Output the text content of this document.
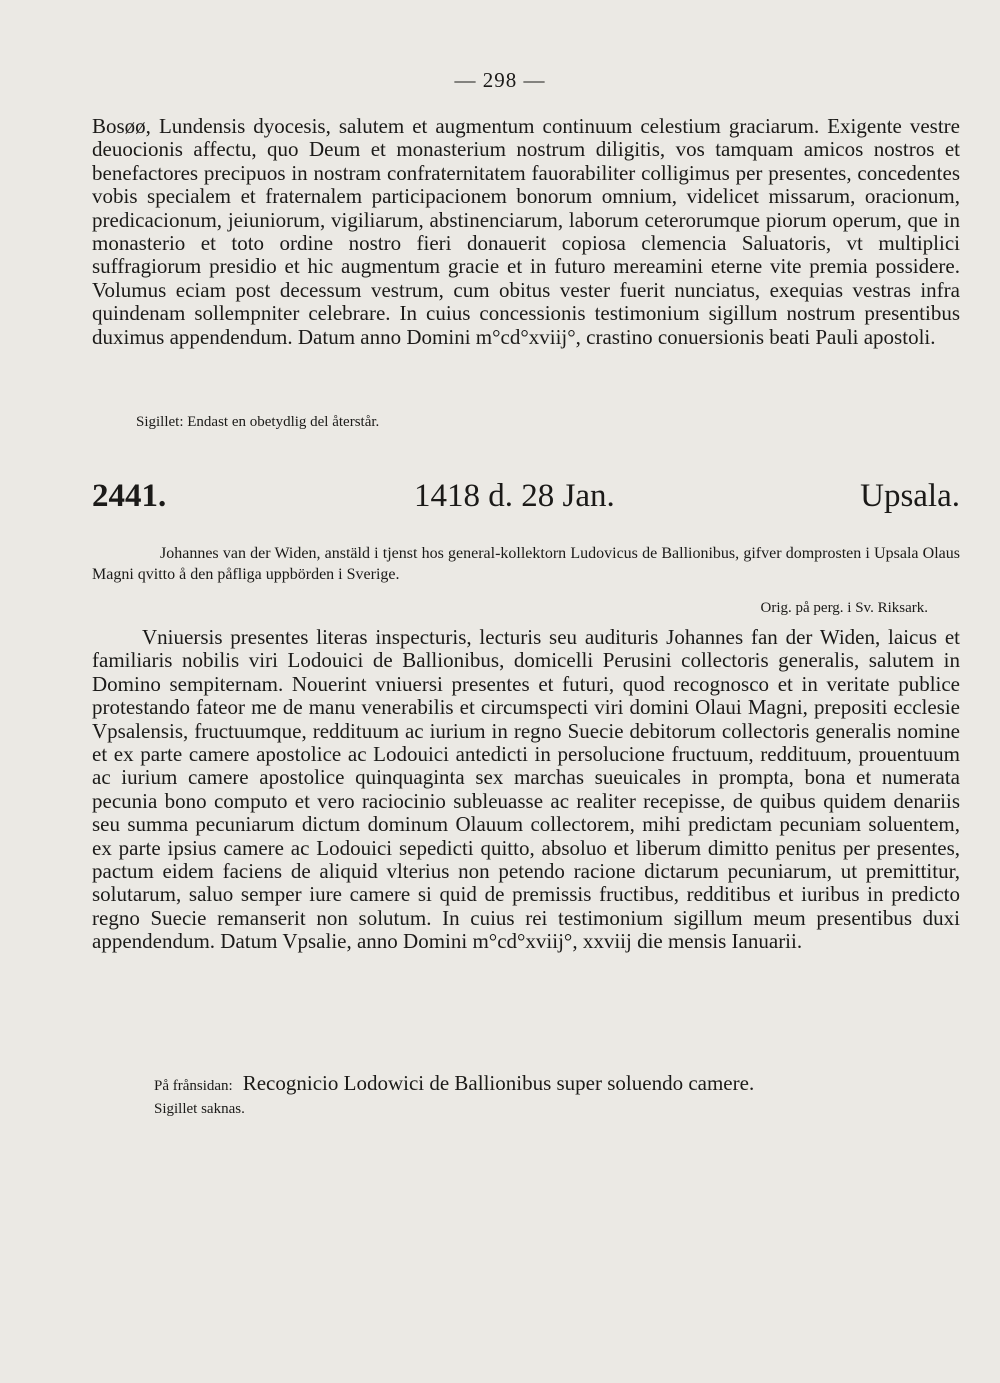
— 298 —

Bosøø, Lundensis dyocesis, salutem et augmentum continuum celestium graciarum. Exigente vestre deuocionis affectu, quo Deum et monasterium nostrum diligitis, vos tamquam amicos nostros et benefactores precipuos in nostram confraternitatem fauorabiliter colligimus per presentes, concedentes vobis specialem et fraternalem participacionem bonorum omnium, videlicet missarum, oracionum, predicacionum, jeiuniorum, vigiliarum, abstinenciarum, laborum ceterorumque piorum operum, que in monasterio et toto ordine nostro fieri donauerit copiosa clemencia Saluatoris, vt multiplici suffragiorum presidio et hic augmentum gracie et in futuro mereamini eterne vite premia possidere. Volumus eciam post decessum vestrum, cum obitus vester fuerit nunciatus, exequias vestras infra quindenam sollempniter celebrare. In cuius concessionis testimonium sigillum nostrum presentibus duximus appendendum. Datum anno Domini m°cd°xviij°, crastino conuersionis beati Pauli apostoli.

Sigillet: Endast en obetydlig del återstår.

2441.	1418 d. 28 Jan.	Upsala.

Johannes van der Widen, anstäld i tjenst hos general-kollektorn Ludovicus de Ballionibus, gifver domprosten i Upsala Olaus Magni qvitto å den påfliga uppbörden i Sverige.

Orig. på perg. i Sv. Riksark.

Vniuersis presentes literas inspecturis, lecturis seu audituris Johannes fan der Widen, laicus et familiaris nobilis viri Lodouici de Ballionibus, domicelli Perusini collectoris generalis, salutem in Domino sempiternam. Nouerint vniuersi presentes et futuri, quod recognosco et in veritate publice protestando fateor me de manu venerabilis et circumspecti viri domini Olaui Magni, prepositi ecclesie Vpsalensis, fructuumque, reddituum ac iurium in regno Suecie debitorum collectoris generalis nomine et ex parte camere apostolice ac Lodouici antedicti in persolucione fructuum, reddituum, prouentuum ac iurium camere apostolice quinquaginta sex marchas sueuicales in prompta, bona et numerata pecunia bono computo et vero raciocinio subleuasse ac realiter recepisse, de quibus quidem denariis seu summa pecuniarum dictum dominum Olauum collectorem, mihi predictam pecuniam soluentem, ex parte ipsius camere ac Lodouici sepedicti quitto, absoluo et liberum dimitto penitus per presentes, pactum eidem faciens de aliquid vlterius non petendo racione dictarum pecuniarum, ut premittitur, solutarum, saluo semper iure camere si quid de premissis fructibus, redditibus et iuribus in predicto regno Suecie remanserit non solutum. In cuius rei testimonium sigillum meum presentibus duxi appendendum. Datum Vpsalie, anno Domini m°cd°xviij°, xxviij die mensis Ianuarii.

På frånsidan: Recognicio Lodowici de Ballionibus super soluendo camere.

Sigillet saknas.
